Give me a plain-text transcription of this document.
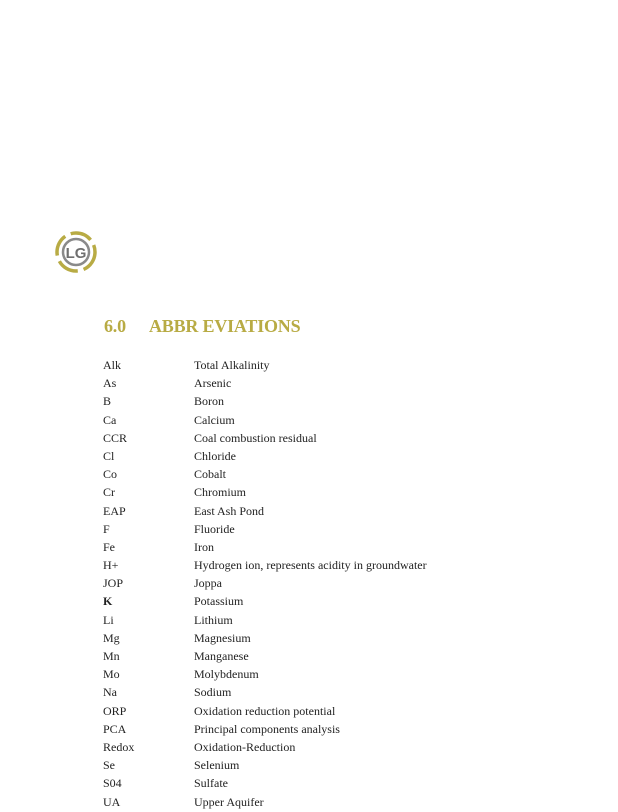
LG
6.0 ABBR EVIATIONS
Alk	Total Alkalinity
As	Arsenic
B	Boron
Ca	Calcium
CCR	Coal combustion residual
Cl	Chloride
Co	Cobalt
Cr	Chromium
EAP	East Ash Pond
F	Fluoride
Fe	Iron
H+	Hydrogen ion, represents acidity in groundwater
JOP	Joppa
K	Potassium
Li	Lithium
Mg	Magnesium
Mn	Manganese
Mo	Molybdenum
Na	Sodium
ORP	Oxidation reduction potential
PCA	Principal components analysis
Redox	Oxidation-Reduction
Se	Selenium
S04	Sulfate
UA	Upper Aquifer
